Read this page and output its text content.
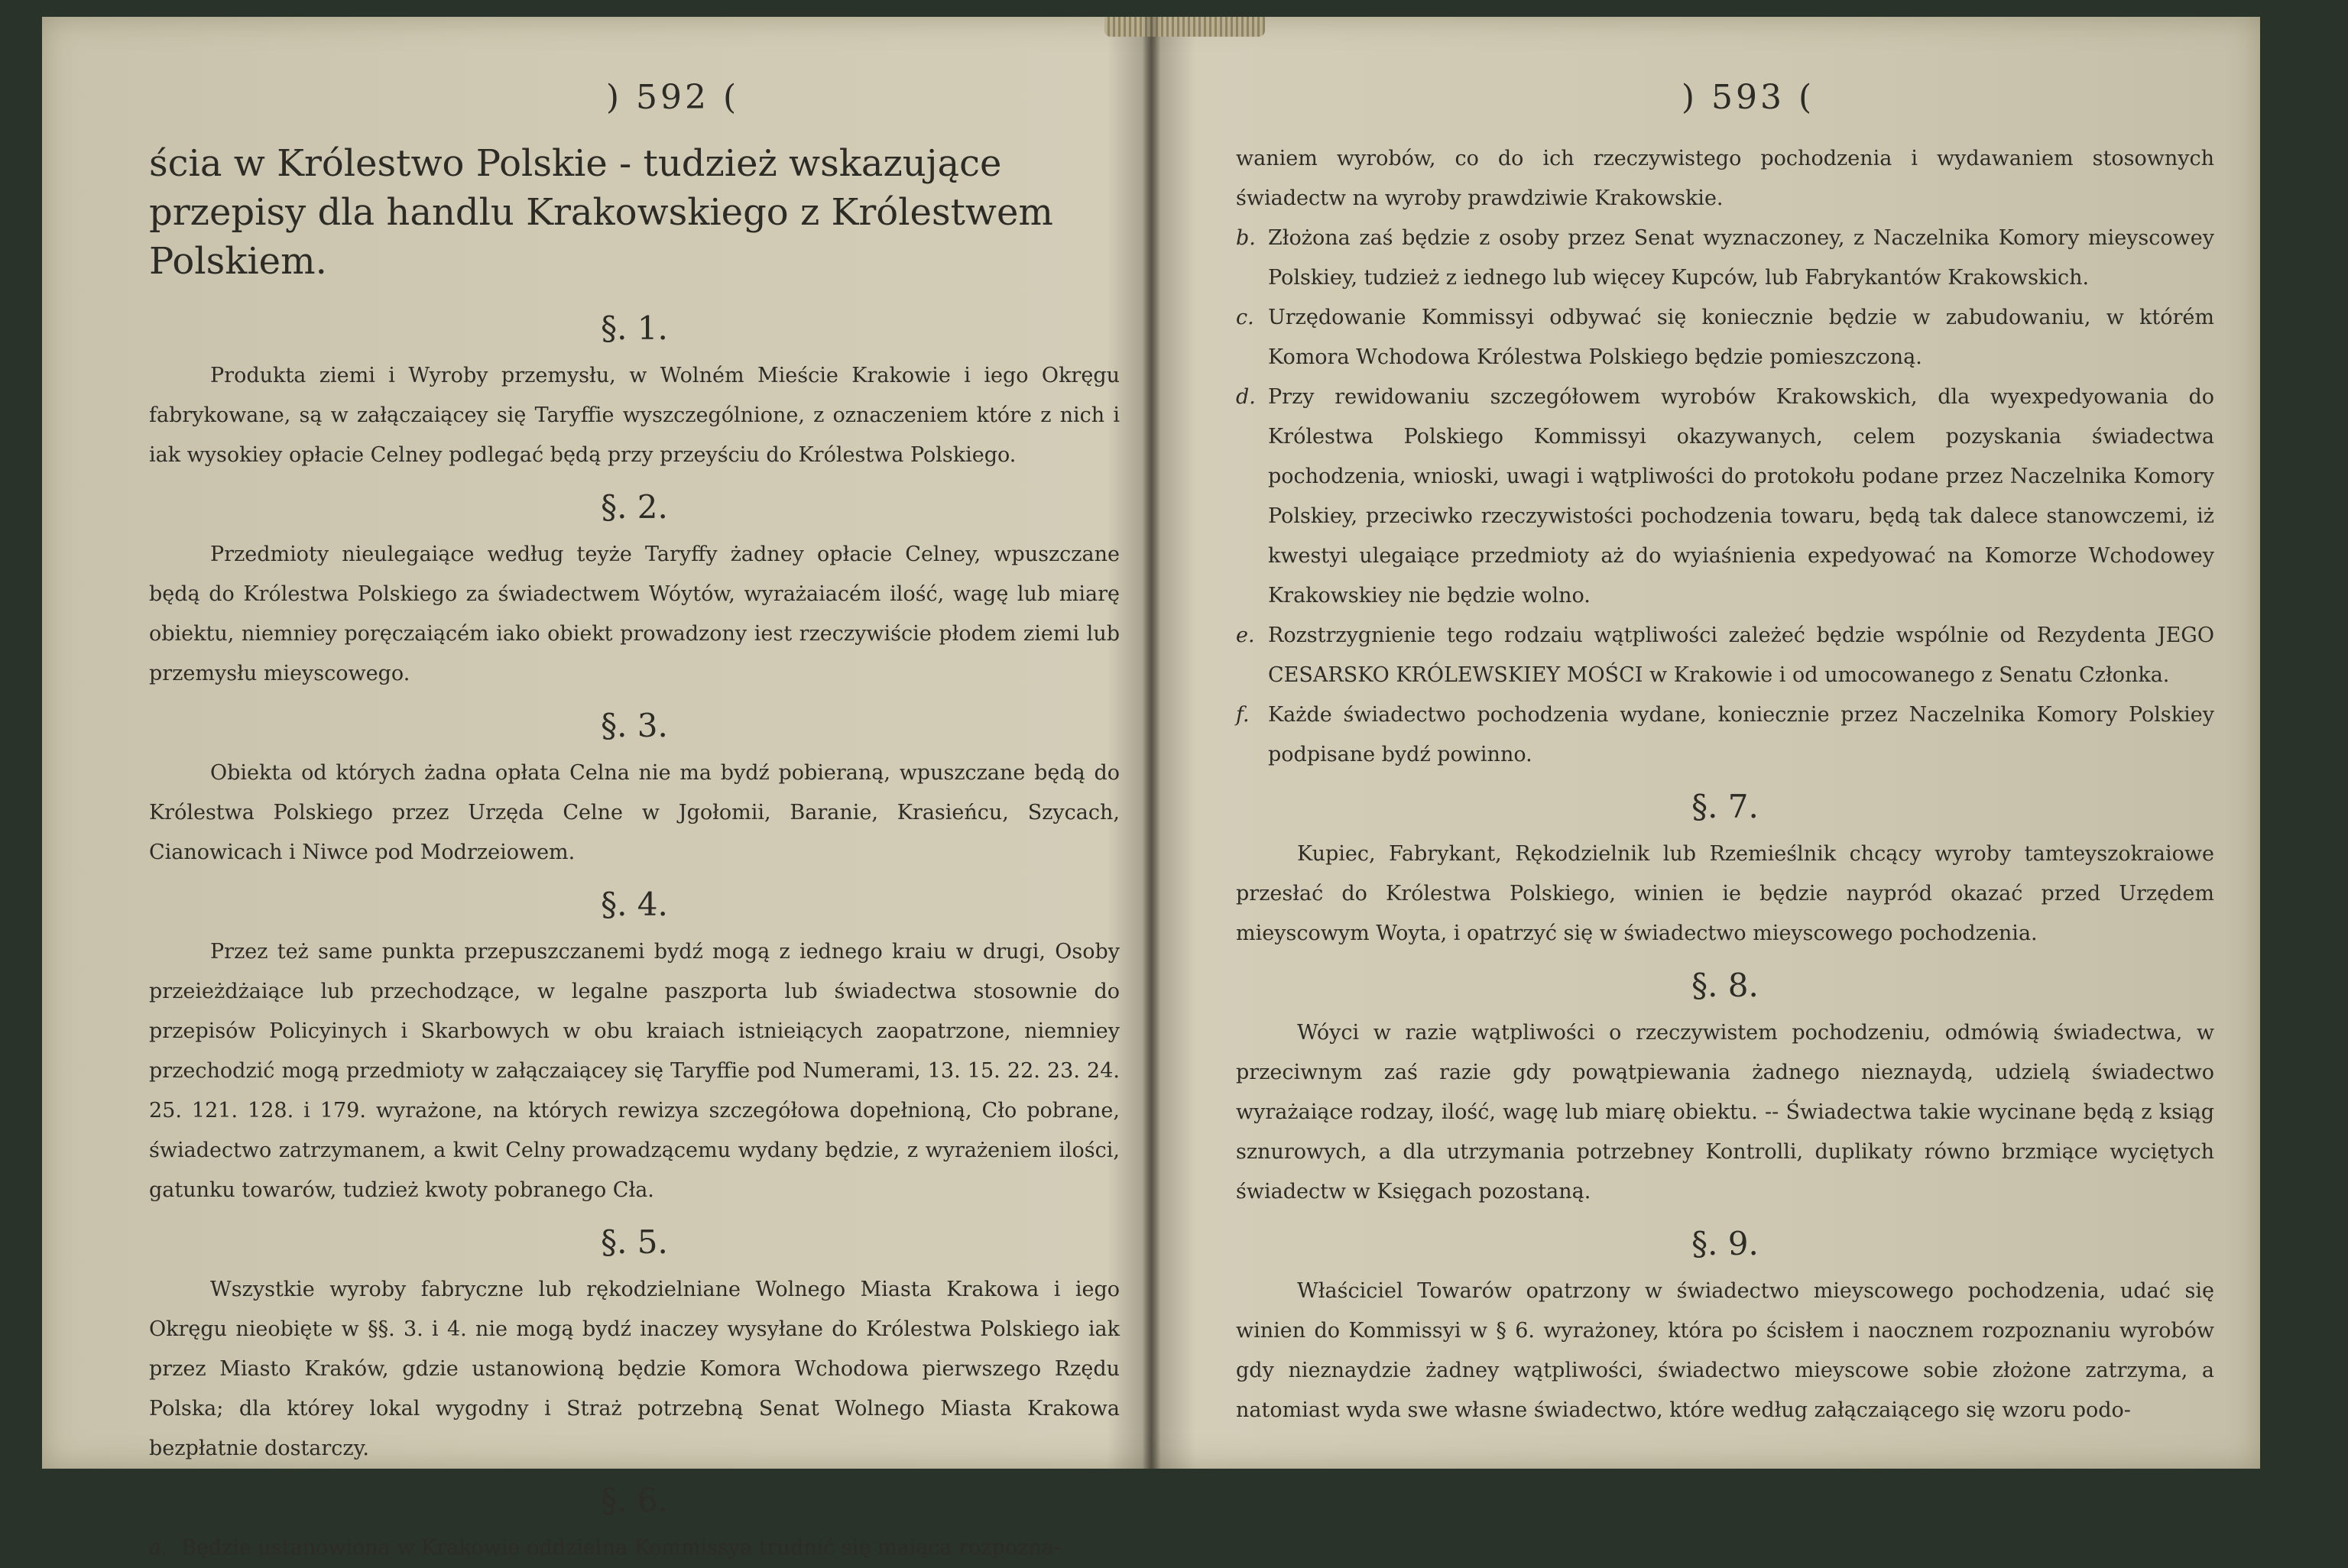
) 592 (
ścia w Królestwo Polskie - tudzież wskazujące przepisy dla handlu Krakowskiego z Królestwem Polskiem.
§. 1.

Produkta ziemi i Wyroby przemysłu, w Wolném Mieście Krakowie i iego Okręgu fabrykowane, są w załączaiącey się Taryffie wyszczególnione, z oznaczeniem które z nich i iak wysokiey opłacie Celney podlegać będą przy przeyściu do Królestwa Polskiego.

§. 2.

Przedmioty nieulegaiące według teyże Taryffy żadney opłacie Celney, wpuszczane będą do Królestwa Polskiego za świadectwem Wóytów, wyrażaiacém ilość, wagę lub miarę obiektu, niemniey poręczaiącém iako obiekt prowadzony iest rzeczywiście płodem ziemi lub przemysłu mieyscowego.

§. 3.

Obiekta od których żadna opłata Celna nie ma bydź pobieraną, wpuszczane będą do Królestwa Polskiego przez Urzęda Celne w Jgołomii, Baranie, Krasieńcu, Szycach, Cianowicach i Niwce pod Modrzeiowem.

§. 4.

Przez też same punkta przepuszczanemi bydź mogą z iednego kraiu w drugi, Osoby przeieżdżaiące lub przechodzące, w legalne paszporta lub świadectwa stosownie do przepisów Policyinych i Skarbowych w obu kraiach istnieiących zaopatrzone, niemniey przechodzić mogą przedmioty w załączaiącey się Taryffie pod Numerami, 13. 15. 22. 23. 24. 25. 121. 128. i 179. wyrażone, na których rewizya szczegółowa dopełnioną, Cło pobrane, świadectwo zatrzymanem, a kwit Celny prowadzącemu wydany będzie, z wyrażeniem ilości, gatunku towarów, tudzież kwoty pobranego Cła.

§. 5.

Wszystkie wyroby fabryczne lub rękodzielniane Wolnego Miasta Krakowa i iego Okręgu nieobięte w §§. 3. i 4. nie mogą bydź inaczey wysyłane do Królestwa Polskiego iak przez Miasto Kraków, gdzie ustanowioną będzie Komora Wchodowa pierwszego Rzędu Polska; dla którey lokal wygodny i Straż potrzebną Senat Wolnego Miasta Krakowa bezpłatnie dostarczy.

§. 6.
a. Będzie ustanowiona w Krakowie oddzielna Kommissya trudnić się maiąca rozpozna-
) 593 (

waniem wyrobów, co do ich rzeczywistego pochodzenia i wydawaniem stosownych świadectw na wyroby prawdziwie Krakowskie.

b. Złożona zaś będzie z osoby przez Senat wyznaczoney, z Naczelnika Komory mieyscowey Polskiey, tudzież z iednego lub więcey Kupców, lub Fabrykantów Krakowskich.
c. Urzędowanie Kommissyi odbywać się koniecznie będzie w zabudowaniu, w którém Komora Wchodowa Królestwa Polskiego będzie pomieszczoną.
d. Przy rewidowaniu szczegółowem wyrobów Krakowskich, dla wyexpedyowania do Królestwa Polskiego Kommissyi okazywanych, celem pozyskania świadectwa pochodzenia, wnioski, uwagi i wątpliwości do protokołu podane przez Naczelnika Komory Polskiey, przeciwko rzeczywistości pochodzenia towaru, będą tak dalece stanowczemi, iż kwestyi ulegaiące przedmioty aż do wyiaśnienia expedyować na Komorze Wchodowey Krakowskiey nie będzie wolno.
e. Rozstrzygnienie tego rodzaiu wątpliwości zależeć będzie wspólnie od Rezydenta JEGO CESARSKO KRÓLEWSKIEY MOŚCI w Krakowie i od umocowanego z Senatu Członka.
f. Każde świadectwo pochodzenia wydane, koniecznie przez Naczelnika Komory Polskiey podpisane bydź powinno.
§. 7.

Kupiec, Fabrykant, Rękodzielnik lub Rzemieślnik chcący wyroby tamteyszokraiowe przesłać do Królestwa Polskiego, winien ie będzie naypród okazać przed Urzędem mieyscowym Woyta, i opatrzyć się w świadectwo mieyscowego pochodzenia.

§. 8.

Wóyci w razie wątpliwości o rzeczywistem pochodzeniu, odmówią świadectwa, w przeciwnym zaś razie gdy powątpiewania żadnego nieznaydą, udzielą świadectwo wyrażaiące rodzay, ilość, wagę lub miarę obiektu. -- Świadectwa takie wycinane będą z ksiąg sznurowych, a dla utrzymania potrzebney Kontrolli, duplikaty równo brzmiące wyciętych świadectw w Księgach pozostaną.

§. 9.

Właściciel Towarów opatrzony w świadectwo mieyscowego pochodzenia, udać się winien do Kommissyi w § 6. wyrażoney, która po ścisłem i naocznem rozpoznaniu wyrobów gdy nieznaydzie żadney wątpliwości, świadectwo mieyscowe sobie złożone zatrzyma, a natomiast wyda swe własne świadectwo, które według załączaiącego się wzoru podo-
